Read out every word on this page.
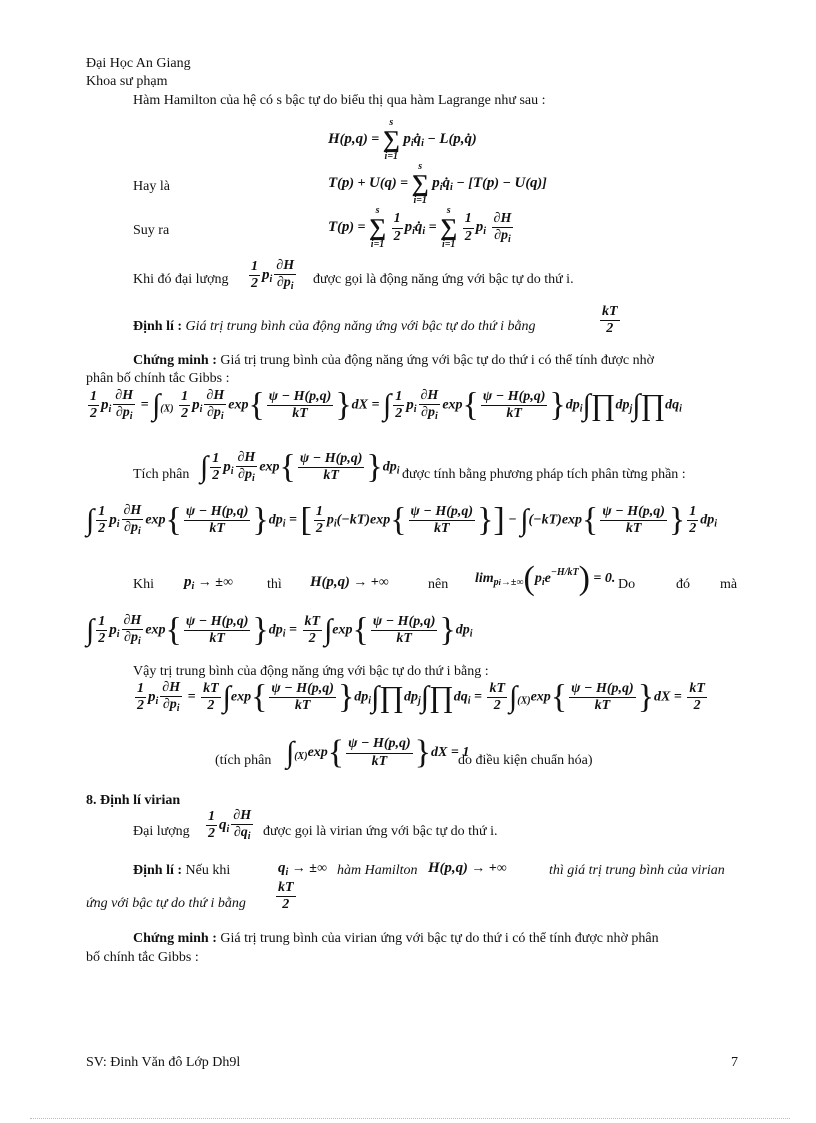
Đại Học An Giang
Khoa sư phạm
Hàm Hamilton của hệ có s bậc tự do biểu thị qua hàm Lagrange như sau :
H(p,q) =
s
∑
i=1
$p_iq̇_i$ − L(p,q̇)
Hay là	T(p) + U(q) =
s
∑
i=1
$p_iq̇_i - [T(p) - U(q)]$
Suy ra	T(p) =
s
∑
i=1
$\frac{1}{2}$ $p_iq̇_i$ =
s
∑
i=1
$\frac{1}{2} p_i \frac{\partial H}{\partial p_i}$
Khi đó đại lượng $\frac{1}{2} p_i \frac{\partial H}{\partial p_i}$ được gọi là động năng ứng với bậc tự do thứ i.
Định lí : Giá trị trung bình của động năng ứng với bậc tự do thứ i bằng	$\frac{kT}{2}$
Chứng minh : Giá trị trung bình của động năng ứng với bậc tự do thứ i có thể tính được nhờ
phân bố chính tắc Gibbs :
$\frac{1}{2} p_i \frac{\partial H}{\partial p_i} = \int_{(X)} \frac{1}{2} p_i \frac{\partial H}{\partial p_i} \exp\{ \frac{\psi - H(p,q)}{kT} \}dX$ = ∫ $\frac{1}{2} p_i \frac{\partial H}{\partial p_i} \exp\{ \frac{\psi - H(p,q)}{kT}$ }$dp_i\int\prod dp_j\int\prod dq_i$
Tích phân ∫ $\frac{1}{2} p_i \frac{\partial H}{\partial p_i} \exp\{ \frac{\psi - H(p,q)}{kT} \}dp_i$ được tính bằng phương pháp tích phân từng phần :
∫ $\frac{1}{2} p_i \frac{\partial H}{\partial p_i} \exp\{ \frac{\psi - H(p,q)}{kT} \}dp_i$ = [ $\frac{1}{2} p_i(-kT)\exp\{ \frac{\psi - H(p,q)}{kT}$ }] − $\int(-kT)\exp\{ \frac{\psi - H(p,q)}{kT}$ } $\frac{1}{2} dp_i$
Khi $p_i$ → ±∞ thì H(p,q) → +∞	nên $\lim_{pi\to\pm\infty}(p_ie^{-H/kT}) = 0$. Do	đó mà
∫ $\frac{1}{2} p_i \frac{\partial H}{\partial p_i} \exp\{ \frac{\psi - H(p,q)}{kT} \}dp_i = \frac{kT}{2} \int\exp\{ \frac{\psi - H(p,q)}{kT} \}dp_i$
Vậy trị trung bình của động năng ứng với bậc tự do thứ i bằng :
$\frac{1}{2} p_i \frac{\partial H}{\partial p_i} = \frac{kT}{2} \int\exp\{ \frac{\psi - H(p,q)}{kT}$ }$dp_i\int\prod dp_j\int\prod dq_i = \frac{kT}{2} \int_{(X)}\exp\{ \frac{\psi - H(p,q)}{kT} \}dX = \frac{kT}{2}$
(tích phân $\int_{(X)}\exp\{ \frac{\psi - H(p,q)}{kT} \}dX = 1$
do điều kiện chuẩn hóa)
8. Định lí virian
Đại lượng $\frac{1}{2} q_i \frac{\partial H}{\partial q_i}$ được gọi là virian ứng với bậc tự do thứ i.
Định lí : Nếu khi	$q_i$ → ±∞ hàm Hamilton H(p,q) → +∞	thì giá trị trung bình của virian
ứng với bậc tự do thứ i bằng $\frac{kT}{2}$
Chứng minh : Giá trị trung bình của virian ứng với bậc tự do thứ i có thể tính được nhờ phân
bố chính tắc Gibbs :
SV: Đinh Văn đô Lớp Dh9l	7
